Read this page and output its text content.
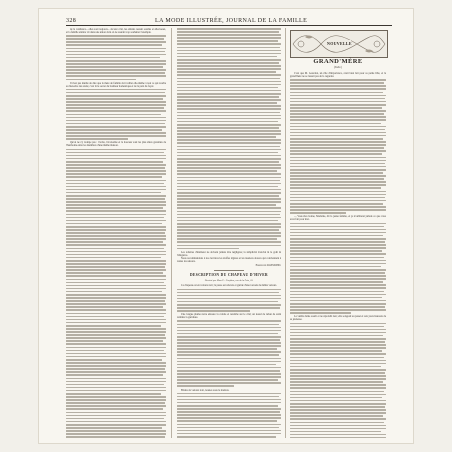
328	LA MODE ILLUSTRÉE, JOURNAL DE LA FAMILLE

de la confiance... elles sont toujours... de leur côté, les enfants restent soumis et affectueux, et la famille entière vit dans une union dont on ne saurait trop souhaiter l'exemple.

Il n'est pas inutile de dire que la mère de famille doit veiller elle-même à tout ce qui touche au bien-être des siens; c'est là le secret du bonheur domestique et de la paix du foyer.

Qu'on ne s'y trompe pas : l'ordre, l'économie et la douceur sont les plus sûres garanties de l'harmonie entre les membres d'une même maison.

Les toilettes d'intérieur ne doivent jamais être négligées; la simplicité n'exclut ni le goût ni l'élégance.

Nous recommandons à nos lectrices les étoffes légères et les nuances douces qui conviennent à toutes les saisons.

Emmeline RAYMOND.
DESCRIPTION DU CHAPEAU D'HIVER
Dessiné par Mme P... Conférez, rue de la Paix, 18.

Ce chapeau est en velours noir; la passe est relevée et garnie d'une torsade de même velours.

Une longue plume noire entoure la calotte et retombe sur le côté; un nœud de ruban de satin termine la garniture.

Brides de velours noir, nouées sous le menton.

NOUVELLE
GRAND'MÈRE
(Suite.)

C'est que M. Gourdon, un rôle d'importance, avait bien fait pour sa petite fille, et la grand'mère ne se lassait pas de la regarder.

— Vous êtes bonne, Madame, dit la jeune femme, et je n'oublierai jamais ce que vous avez fait pour moi.

La vieille dame sourit et ne répondit rien; elle songeait au passé et aux jours heureux de sa jeunesse.
